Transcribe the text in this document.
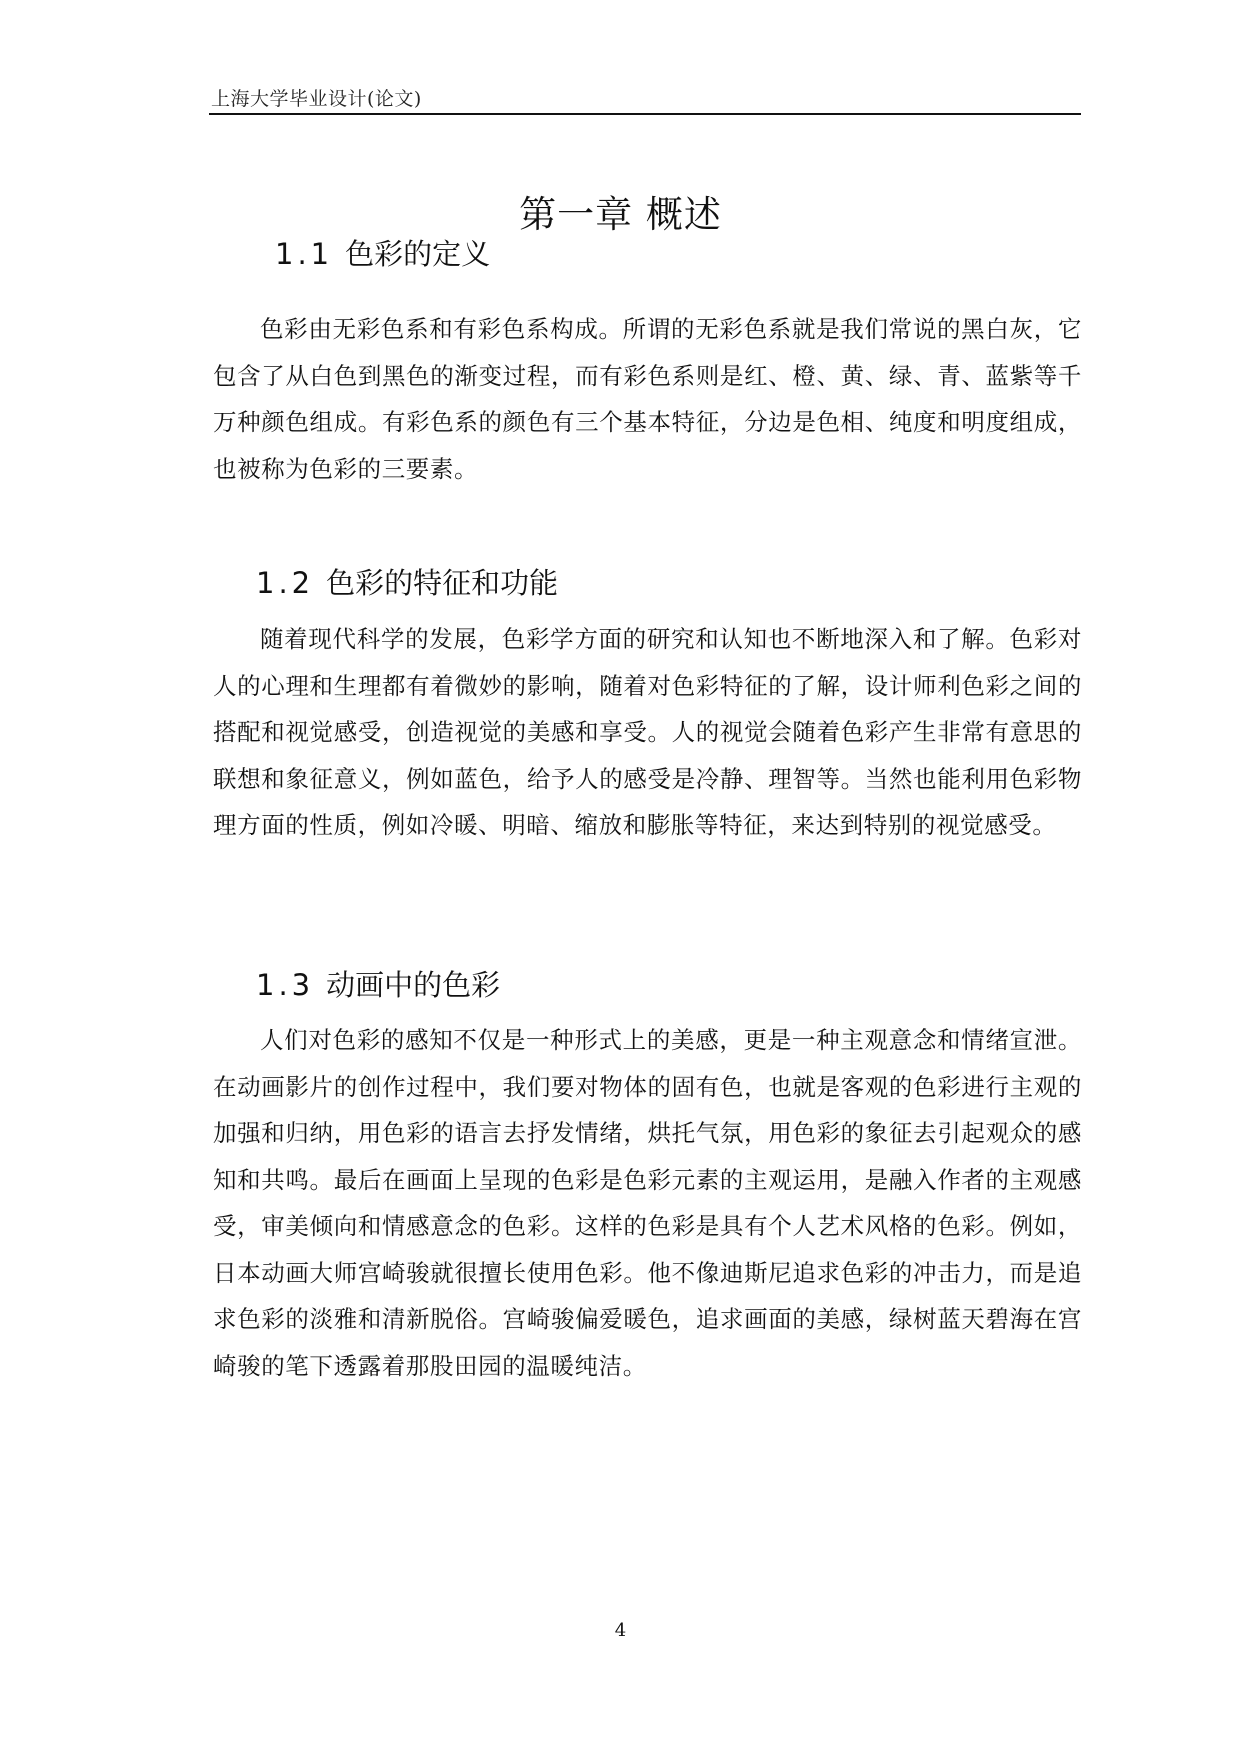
上海大学毕业设计(论文)
第一章 概述
1.1 色彩的定义

色彩由无彩色系和有彩色系构成。所谓的无彩色系就是我们常说的黑白灰，它包含了从白色到黑色的渐变过程，而有彩色系则是红、橙、黄、绿、青、蓝紫等千万种颜色组成。有彩色系的颜色有三个基本特征，分边是色相、纯度和明度组成，也被称为色彩的三要素。

1.2 色彩的特征和功能

随着现代科学的发展，色彩学方面的研究和认知也不断地深入和了解。色彩对人的心理和生理都有着微妙的影响，随着对色彩特征的了解，设计师利色彩之间的搭配和视觉感受，创造视觉的美感和享受。人的视觉会随着色彩产生非常有意思的联想和象征意义，例如蓝色，给予人的感受是冷静、理智等。当然也能利用色彩物理方面的性质，例如冷暖、明暗、缩放和膨胀等特征，来达到特别的视觉感受。

1.3 动画中的色彩

人们对色彩的感知不仅是一种形式上的美感，更是一种主观意念和情绪宣泄。在动画影片的创作过程中，我们要对物体的固有色，也就是客观的色彩进行主观的加强和归纳，用色彩的语言去抒发情绪，烘托气氛，用色彩的象征去引起观众的感知和共鸣。最后在画面上呈现的色彩是色彩元素的主观运用，是融入作者的主观感受，审美倾向和情感意念的色彩。这样的色彩是具有个人艺术风格的色彩。例如，日本动画大师宫崎骏就很擅长使用色彩。他不像迪斯尼追求色彩的冲击力，而是追求色彩的淡雅和清新脱俗。宫崎骏偏爱暖色，追求画面的美感，绿树蓝天碧海在宫崎骏的笔下透露着那股田园的温暖纯洁。

4
